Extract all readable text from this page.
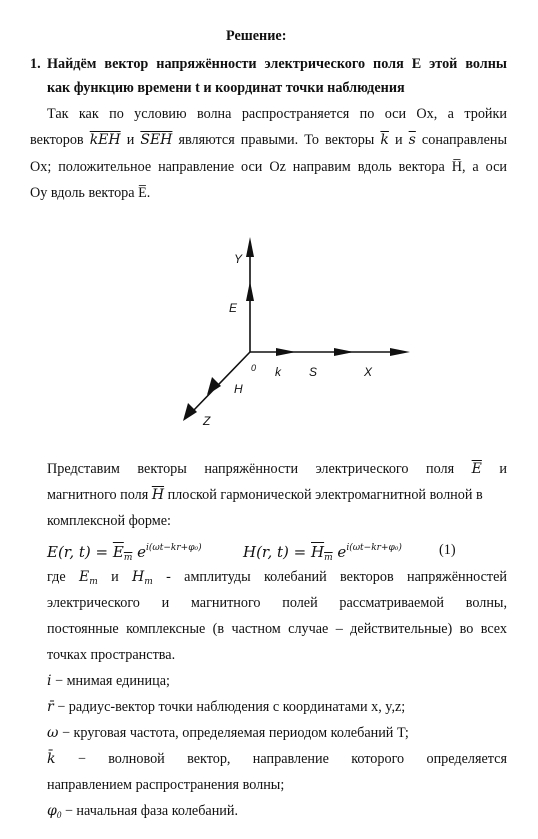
Решение:
1. Найдём вектор напряжённости электрического поля E этой волны
как функцию времени t и координат точки наблюдения
Так как по условию волна распространяется по оси Ох, а тройки
векторов $\overline{kEH}$ и $\overline{SEH}$ являются правыми. То векторы $\overline{k}$ и $\overline{s}$ сонаправлены
Ох; положительное направление оси Oz направим вдоль вектора H̅, а оси
Оу вдоль вектора E̅.
Y
E
0 k S	X
H
Z
Представим векторы напряжённости электрического поля $\overline{E}$ и
магнитного поля $\overline{H}$ плоской гармонической электромагнитной волной в
комплексной форме:
E(r, $t) = E_m$ $e^{i(\omega t-kr+\varphi_0)}$	H(r, $t) = H_m$ $e^{i(\omega t-kr+\varphi_0)}$	(1)
где $E_m$ и $H_m$ - амплитуды колебаний векторов напряжённостей
электрического и магнитного полей рассматриваемой волны,
постоянные комплексные (в частном случае – действительные) во всех
точках пространства.
i − мнимая единица;
r̄ − радиус-вектор точки наблюдения с координатами x, y,z;
ω − круговая частота, определяемая периодом колебаний T;
k̄ − волновой вектор, направление которого определяется
направлением распространения волны;
$\varphi_0$ − начальная фаза колебаний.
